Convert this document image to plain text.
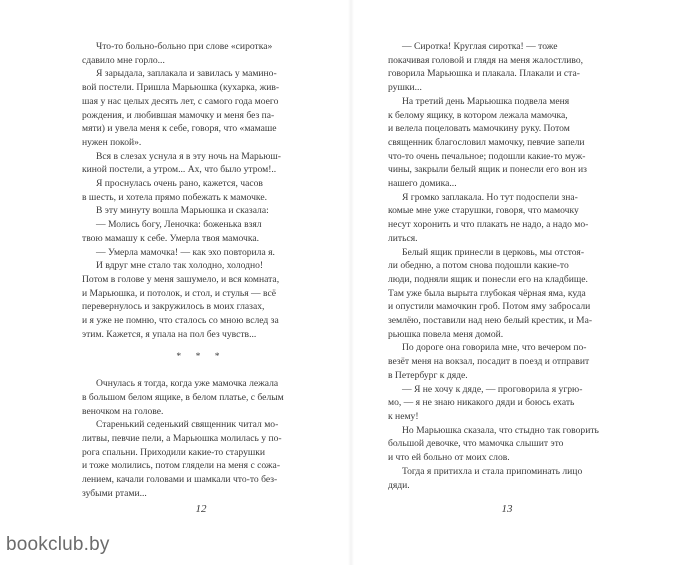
Что-то больно-больно при слове «сиротка»

сдавило мне горло...

Я зарыдала, заплакала и завилась у мамино-

вой постели. Пришла Марьюшка (кухарка, жив-

шая у нас целых десять лет, с самого года моего

рождения, и любившая мамочку и меня без па-

мяти) и увела меня к себе, говоря, что «мамаше

нужен покой».

Вся в слезах уснула я в эту ночь на Марьюш-

киной постели, а утром... Ах, что было утром!..

Я проснулась очень рано, кажется, часов

в шесть, и хотела прямо побежать к мамочке.

В эту минуту вошла Марьюшка и сказала:

— Молись богу, Леночка: боженька взял

твою мамашу к себе. Умерла твоя мамочка.

— Умерла мамочка! — как эхо повторила я.

И вдруг мне стало так холодно, холодно!

Потом в голове у меня зашумело, и вся комната,

и Марьюшка, и потолок, и стол, и стулья — всё

перевернулось и закружилось в моих глазах,

и я уже не помню, что сталось со мною вслед за

этим. Кажется, я упала на пол без чувств...

* * *

Очнулась я тогда, когда уже мамочка лежала

в большом белом ящике, в белом платье, с белым

веночком на голове.

Старенький седенький священник читал мо-

литвы, певчие пели, а Марьюшка молилась у по-

рога спальни. Приходили какие-то старушки

и тоже молились, потом глядели на меня с сожа-

лением, качали головами и шамкали что-то без-

зубыми ртами...

— Сиротка! Круглая сиротка! — тоже

покачивая головой и глядя на меня жалостливо,

говорила Марьюшка и плакала. Плакали и ста-

рушки...

На третий день Марьюшка подвела меня

к белому ящику, в котором лежала мамочка,

и велела поцеловать мамочкину руку. Потом

священник благословил мамочку, певчие запели

что-то очень печальное; подошли какие-то муж-

чины, закрыли белый ящик и понесли его вон из

нашего домика...

Я громко заплакала. Но тут подоспели зна-

комые мне уже старушки, говоря, что мамочку

несут хоронить и что плакать не надо, а надо мо-

литься.

Белый ящик принесли в церковь, мы отстоя-

ли обедню, а потом снова подошли какие-то

люди, подняли ящик и понесли его на кладбище.

Там уже была вырыта глубокая чёрная яма, куда

и опустили мамочкин гроб. Потом яму забросали

землёю, поставили над нею белый крестик, и Ма-

рьюшка повела меня домой.

По дороге она говорила мне, что вечером по-

везёт меня на вокзал, посадит в поезд и отправит

в Петербург к дяде.

— Я не хочу к дяде, — проговорила я угрю-

мо, — я не знаю никакого дяди и боюсь ехать

к нему!

Но Марьюшка сказала, что стыдно так говорить

большой девочке, что мамочка слышит это

и что ей больно от моих слов.

Тогда я притихла и стала припоминать лицо

дяди.

12	13
bookclub.by
